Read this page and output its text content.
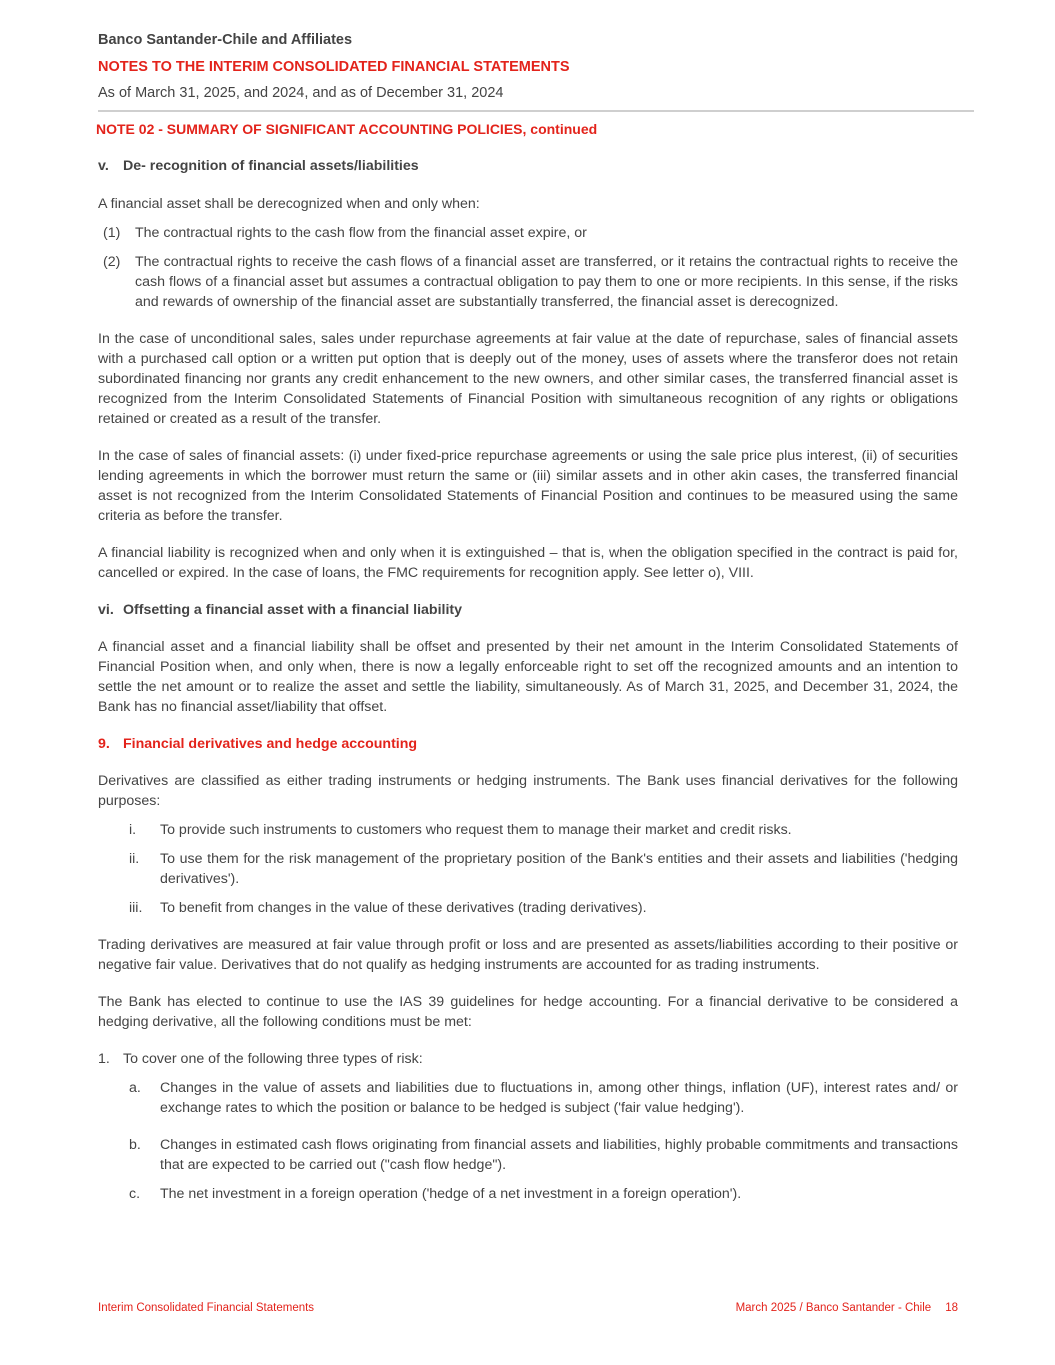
Banco Santander-Chile and Affiliates
NOTES TO THE INTERIM CONSOLIDATED FINANCIAL STATEMENTS
As of March 31, 2025, and 2024, and as of December 31, 2024
NOTE 02 - SUMMARY OF SIGNIFICANT ACCOUNTING POLICIES, continued
v. De- recognition of financial assets/liabilities

A financial asset shall be derecognized when and only when:

(1)	The contractual rights to the cash flow from the financial asset expire, or
(2)	The contractual rights to receive the cash flows of a financial asset are transferred, or it retains the contractual rights to receive the cash flows of a financial asset but assumes a contractual obligation to pay them to one or more recipients. In this sense, if the risks and rewards of ownership of the financial asset are substantially transferred, the financial asset is derecognized.

In the case of unconditional sales, sales under repurchase agreements at fair value at the date of repurchase, sales of financial assets with a purchased call option or a written put option that is deeply out of the money, uses of assets where the transferor does not retain subordinated financing nor grants any credit enhancement to the new owners, and other similar cases, the transferred financial asset is recognized from the Interim Consolidated Statements of Financial Position with simultaneous recognition of any rights or obligations retained or created as a result of the transfer.

In the case of sales of financial assets: (i) under fixed-price repurchase agreements or using the sale price plus interest, (ii) of securities lending agreements in which the borrower must return the same or (iii) similar assets and in other akin cases, the transferred financial asset is not recognized from the Interim Consolidated Statements of Financial Position and continues to be measured using the same criteria as before the transfer.

A financial liability is recognized when and only when it is extinguished – that is, when the obligation specified in the contract is paid for, cancelled or expired. In the case of loans, the FMC requirements for recognition apply. See letter o), VIII.

vi. Offsetting a financial asset with a financial liability

A financial asset and a financial liability shall be offset and presented by their net amount in the Interim Consolidated Statements of Financial Position when, and only when, there is now a legally enforceable right to set off the recognized amounts and an intention to settle the net amount or to realize the asset and settle the liability, simultaneously. As of March 31, 2025, and December 31, 2024, the Bank has no financial asset/liability that offset.

9. Financial derivatives and hedge accounting

Derivatives are classified as either trading instruments or hedging instruments. The Bank uses financial derivatives for the following purposes:

i.	To provide such instruments to customers who request them to manage their market and credit risks.
ii.	To use them for the risk management of the proprietary position of the Bank's entities and their assets and liabilities ('hedging derivatives').
iii.	To benefit from changes in the value of these derivatives (trading derivatives).

Trading derivatives are measured at fair value through profit or loss and are presented as assets/liabilities according to their positive or negative fair value. Derivatives that do not qualify as hedging instruments are accounted for as trading instruments.

The Bank has elected to continue to use the IAS 39 guidelines for hedge accounting. For a financial derivative to be considered a hedging derivative, all the following conditions must be met:

1. To cover one of the following three types of risk:
a.	Changes in the value of assets and liabilities due to fluctuations in, among other things, inflation (UF), interest rates and/ or exchange rates to which the position or balance to be hedged is subject ('fair value hedging').
b.	Changes in estimated cash flows originating from financial assets and liabilities, highly probable commitments and transactions that are expected to be carried out ("cash flow hedge").
c.	The net investment in a foreign operation ('hedge of a net investment in a foreign operation').
Interim Consolidated Financial Statements	March 2025 / Banco Santander - Chile 18
